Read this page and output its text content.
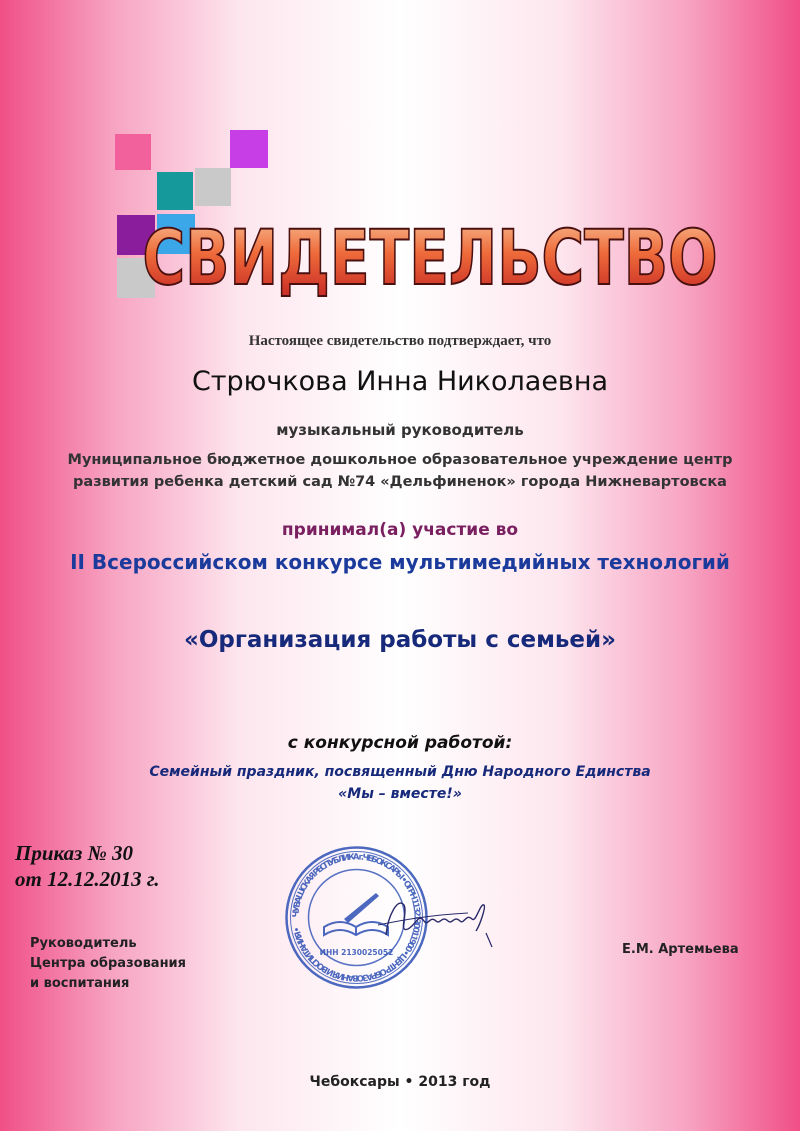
СВИДЕТЕЛЬСТВО
Настоящее свидетельство подтверждает, что
Стрючкова Инна Николаевна
музыкальный руководитель
Муниципальное бюджетное дошкольное образовательное учреждение центр
развития ребенка детский сад №74 «Дельфиненок» города Нижневартовска
принимал(а) участие во
II Всероссийском конкурсе мультимедийных технологий
«Организация работы с семьей»
с конкурсной работой:
Семейный праздник, посвященный Дню Народного Единства
«Мы – вместе!»
Приказ № 30
от 12.12.2013 г.
Руководитель
Центра образования
и воспитания
ЧУВАШСКАЯ РЕСПУБЛИКА г.ЧЕБОКСАРЫ • ОГРН 1132130011900 • ЦЕНТР ОБРАЗОВАНИЯ И ВОСПИТАНИЯ •
ИНН 2130025052	Е.М. Артемьева
Чебоксары • 2013 год
